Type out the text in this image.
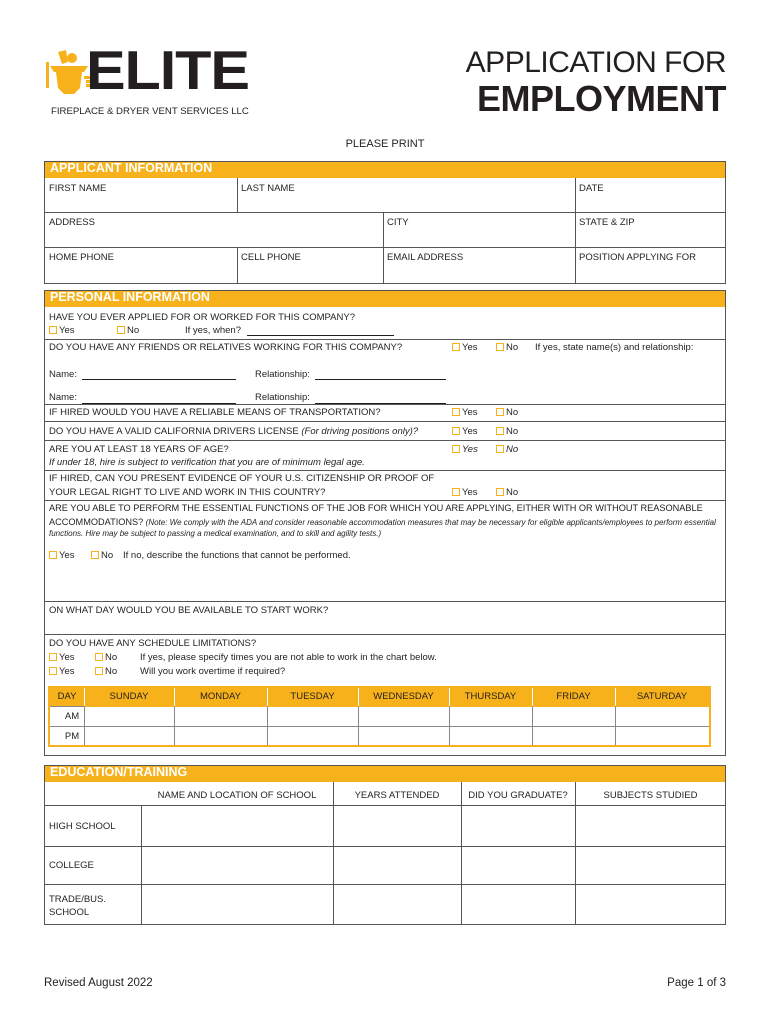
ELITE
FIREPLACE & DRYER VENT SERVICES LLC
APPLICATION FOR
EMPLOYMENT
PLEASE PRINT
APPLICANT INFORMATION
FIRST NAME	LAST NAME	DATE
ADDRESS	CITY	STATE & ZIP
HOME PHONE	CELL PHONE	EMAIL ADDRESS	POSITION APPLYING FOR
PERSONAL INFORMATION
HAVE YOU EVER APPLIED FOR OR WORKED FOR THIS COMPANY?
Yes	No	If yes, when?
DO YOU HAVE ANY FRIENDS OR RELATIVES WORKING FOR THIS COMPANY?	Yes	No If yes, state name(s) and relationship:
Name:	Relationship:
Name:	Relationship:
IF HIRED WOULD YOU HAVE A RELIABLE MEANS OF TRANSPORTATION?	Yes	No
DO YOU HAVE A VALID CALIFORNIA DRIVERS LICENSE (For driving positions only)?	Yes	No
ARE YOU AT LEAST 18 YEARS OF AGE?
If under 18, hire is subject to verification that you are of minimum legal age.
Yes	No
IF HIRED, CAN YOU PRESENT EVIDENCE OF YOUR U.S. CITIZENSHIP OR PROOF OF
YOUR LEGAL RIGHT TO LIVE AND WORK IN THIS COUNTRY?	Yes	No
ARE YOU ABLE TO PERFORM THE ESSENTIAL FUNCTIONS OF THE JOB FOR WHICH YOU ARE APPLYING, EITHER WITH OR WITHOUT REASONABLE
ACCOMMODATIONS? (Note: We comply with the ADA and consider reasonable accommodation measures that may be necessary for eligible applicants/employees to perform essential functions. Hire may be subject to passing a medical examination, and to skill and agility tests.)
Yes	No If no, describe the functions that cannot be performed.
ON WHAT DAY WOULD YOU BE AVAILABLE TO START WORK?
DO YOU HAVE ANY SCHEDULE LIMITATIONS?
Yes	No If yes, please specify times you are not able to work in the chart below.
Yes	No Will you work overtime if required?
DAY	SUNDAY	MONDAY	TUESDAY	WEDNESDAY	THURSDAY	FRIDAY	SATURDAY
AM
PM
EDUCATION/TRAINING
NAME AND LOCATION OF SCHOOL	YEARS ATTENDED	DID YOU GRADUATE?	SUBJECTS STUDIED
HIGH SCHOOL
COLLEGE
TRADE/BUS.
SCHOOL
Revised August 2022	Page 1 of 3
